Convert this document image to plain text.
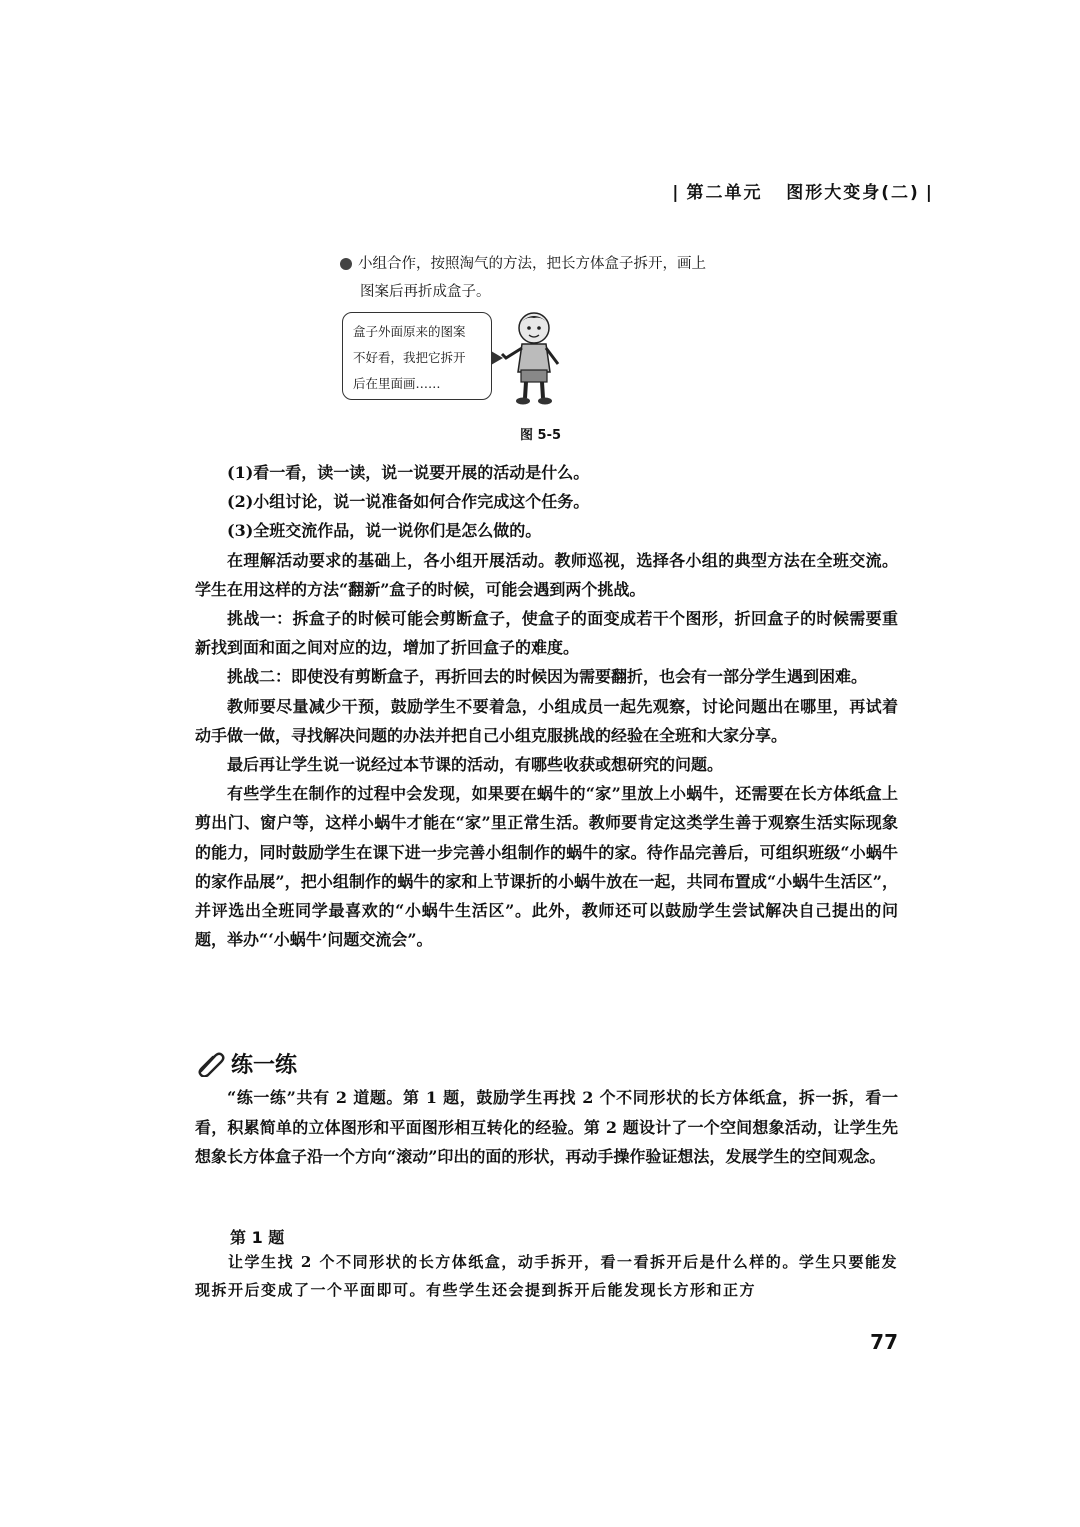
| 第二单元 图形大变身(二) |
小组合作，按照淘气的方法，把长方体盒子拆开，画上
图案后再折成盒子。
盒子外面原来的图案
不好看，我把它拆开
后在里面画……
图 5-5

(1)看一看，读一读，说一说要开展的活动是什么。

(2)小组讨论，说一说准备如何合作完成这个任务。

(3)全班交流作品，说一说你们是怎么做的。

在理解活动要求的基础上，各小组开展活动。教师巡视，选择各小组的典型方法在全班交流。学生在用这样的方法“翻新”盒子的时候，可能会遇到两个挑战。

挑战一：拆盒子的时候可能会剪断盒子，使盒子的面变成若干个图形，折回盒子的时候需要重新找到面和面之间对应的边，增加了折回盒子的难度。

挑战二：即使没有剪断盒子，再折回去的时候因为需要翻折，也会有一部分学生遇到困难。

教师要尽量减少干预，鼓励学生不要着急，小组成员一起先观察，讨论问题出在哪里，再试着动手做一做，寻找解决问题的办法并把自己小组克服挑战的经验在全班和大家分享。

最后再让学生说一说经过本节课的活动，有哪些收获或想研究的问题。

有些学生在制作的过程中会发现，如果要在蜗牛的“家”里放上小蜗牛，还需要在长方体纸盒上剪出门、窗户等，这样小蜗牛才能在“家”里正常生活。教师要肯定这类学生善于观察生活实际现象的能力，同时鼓励学生在课下进一步完善小组制作的蜗牛的家。待作品完善后，可组织班级“小蜗牛的家作品展”，把小组制作的蜗牛的家和上节课折的小蜗牛放在一起，共同布置成“小蜗牛生活区”，并评选出全班同学最喜欢的“小蜗牛生活区”。此外，教师还可以鼓励学生尝试解决自己提出的问题，举办“‘小蜗牛’问题交流会”。

练一练

“练一练”共有 2 道题。第 1 题，鼓励学生再找 2 个不同形状的长方体纸盒，拆一拆，看一看，积累简单的立体图形和平面图形相互转化的经验。第 2 题设计了一个空间想象活动，让学生先想象长方体盒子沿一个方向“滚动”印出的面的形状，再动手操作验证想法，发展学生的空间观念。

第 1 题

让学生找 2 个不同形状的长方体纸盒，动手拆开，看一看拆开后是什么样的。学生只要能发现拆开后变成了一个平面即可。有些学生还会提到拆开后能发现长方形和正方

77
